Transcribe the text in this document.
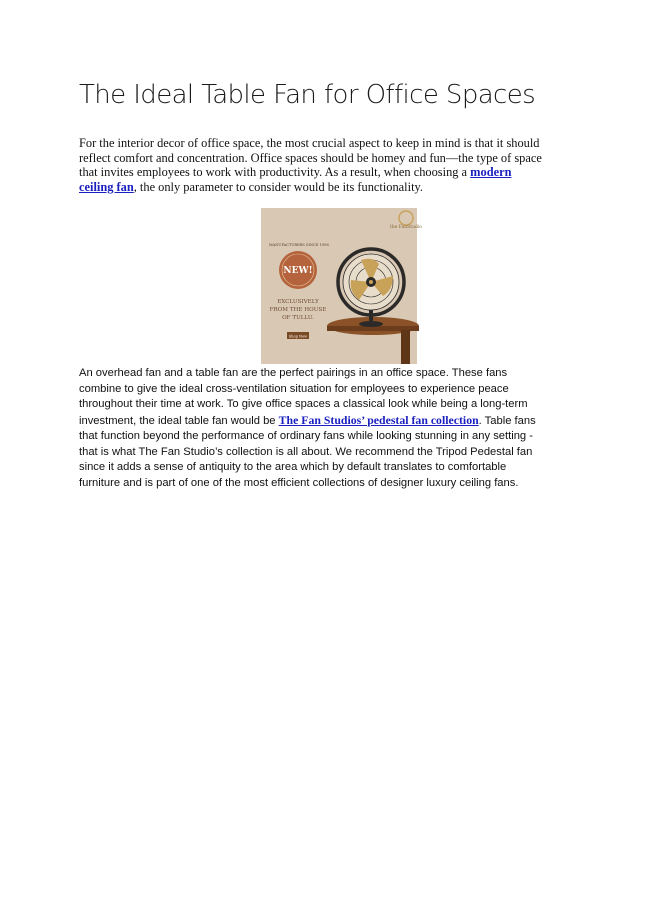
The Ideal Table Fan for Office Spaces

For the interior decor of office space, the most crucial aspect to keep in mind is that it should
reflect comfort and concentration. Office spaces should be homey and fun—the type of space
that invites employees to work with productivity. As a result, when choosing a modern
ceiling fan, the only parameter to consider would be its functionality.

the FanStudio
MANUFACTURERS SINCE 1998
NEW!
EXCLUSIVELY
FROM THE HOUSE
OF TULLU.
Shop Now

An overhead fan and a table fan are the perfect pairings in an office space. These fans
combine to give the ideal cross-ventilation situation for employees to experience peace
throughout their time at work. To give office spaces a classical look while being a long-term
investment, the ideal table fan would be The Fan Studios’ pedestal fan collection. Table fans
that function beyond the performance of ordinary fans while looking stunning in any setting -
that is what The Fan Studio’s collection is all about. We recommend the Tripod Pedestal fan
since it adds a sense of antiquity to the area which by default translates to comfortable
furniture and is part of one of the most efficient collections of designer luxury ceiling fans.
